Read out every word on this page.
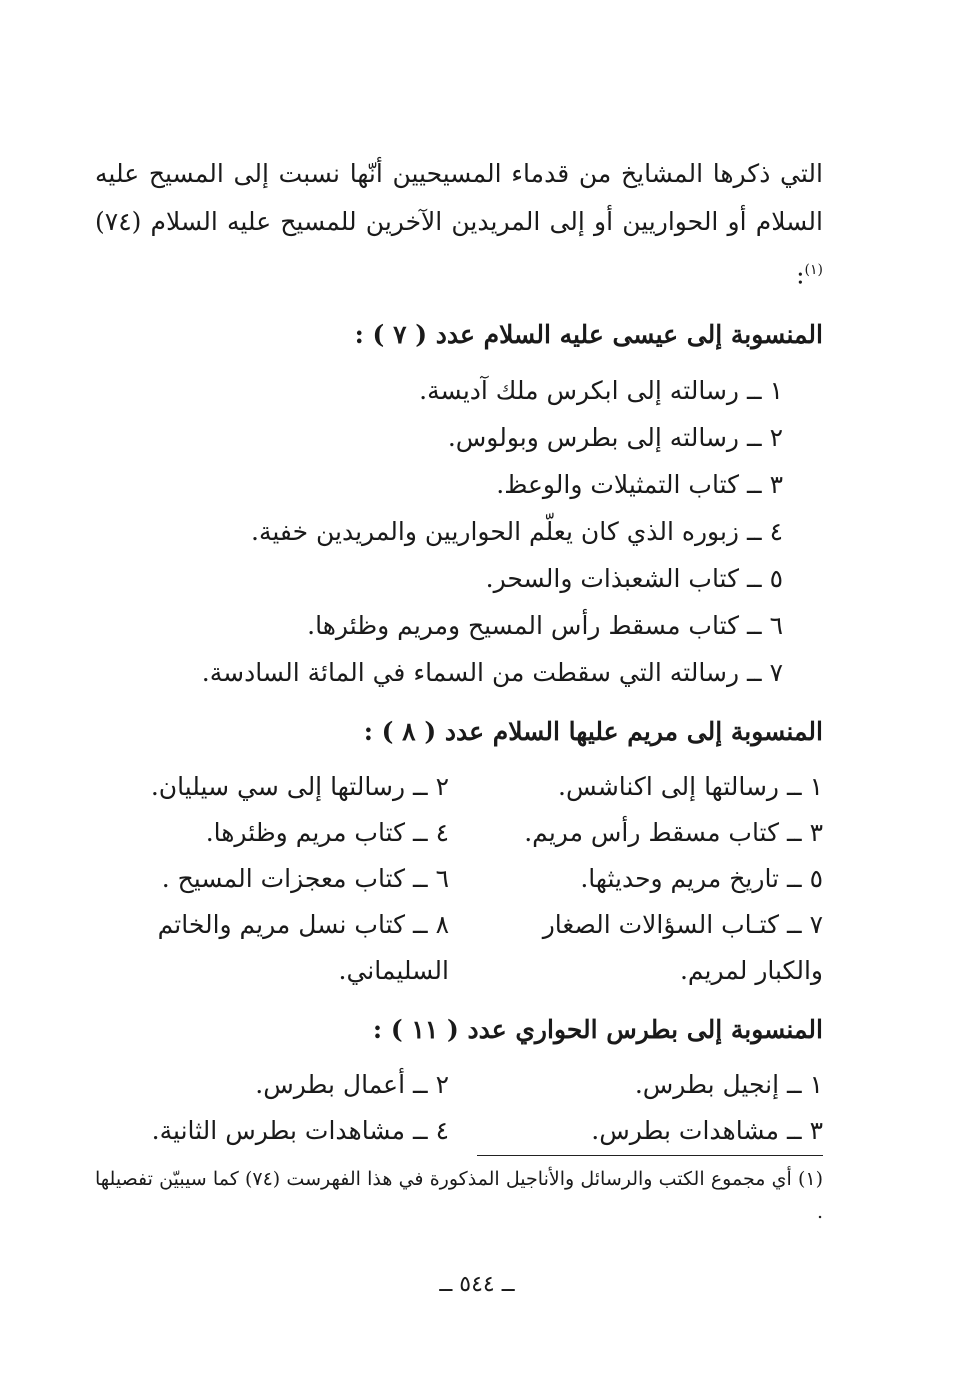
التي ذكرها المشايخ من قدماء المسيحيين أنّها نسبت إلى المسيح عليه السلام أو الحواريين أو إلى المريدين الآخرين للمسيح عليه السلام (٧٤)$^{(١)}$:

المنسوبة إلى عيسى عليه السلام عدد ( ٧ ) :
١ ــ رسالته إلى ابكرس ملك آديسة.
٢ ــ رسالته إلى بطرس وبولوس.
٣ ــ كتاب التمثيلات والوعظ.
٤ ــ زبوره الذي كان يعلّم الحواريين والمريدين خفية.
٥ ــ كتاب الشعبذات والسحر.
٦ ــ كتاب مسقط رأس المسيح ومريم وظئرها.
٧ ــ رسالته التي سقطت من السماء في المائة السادسة.
المنسوبة إلى مريم عليها السلام عدد ( ٨ ) :
١ ــ رسالتها إلى اكناشس.
٢ ــ رسالتها إلى سي سيليان.
٣ ــ كتاب مسقط رأس مريم.
٤ ــ كتاب مريم وظئرها.
٥ ــ تاريخ مريم وحديثها.
٦ ــ كتاب معجزات المسيح .
٧ ــ كتـاب السؤالات الصغار والكبار لمريم.
٨ ــ كتاب نسل مريم والخاتم السليماني.
المنسوبة إلى بطرس الحواري عدد ( ١١ ) :
١ ــ إنجيل بطرس.
٢ ــ أعمال بطرس.
٣ ــ مشاهدات بطرس.
٤ ــ مشاهدات بطرس الثانية.
(١) أي مجموع الكتب والرسائل والأناجيل المذكورة في هذا الفهرست (٧٤) كما سيبيّن تفصيلها .
ــ ٥٤٤ ــ
